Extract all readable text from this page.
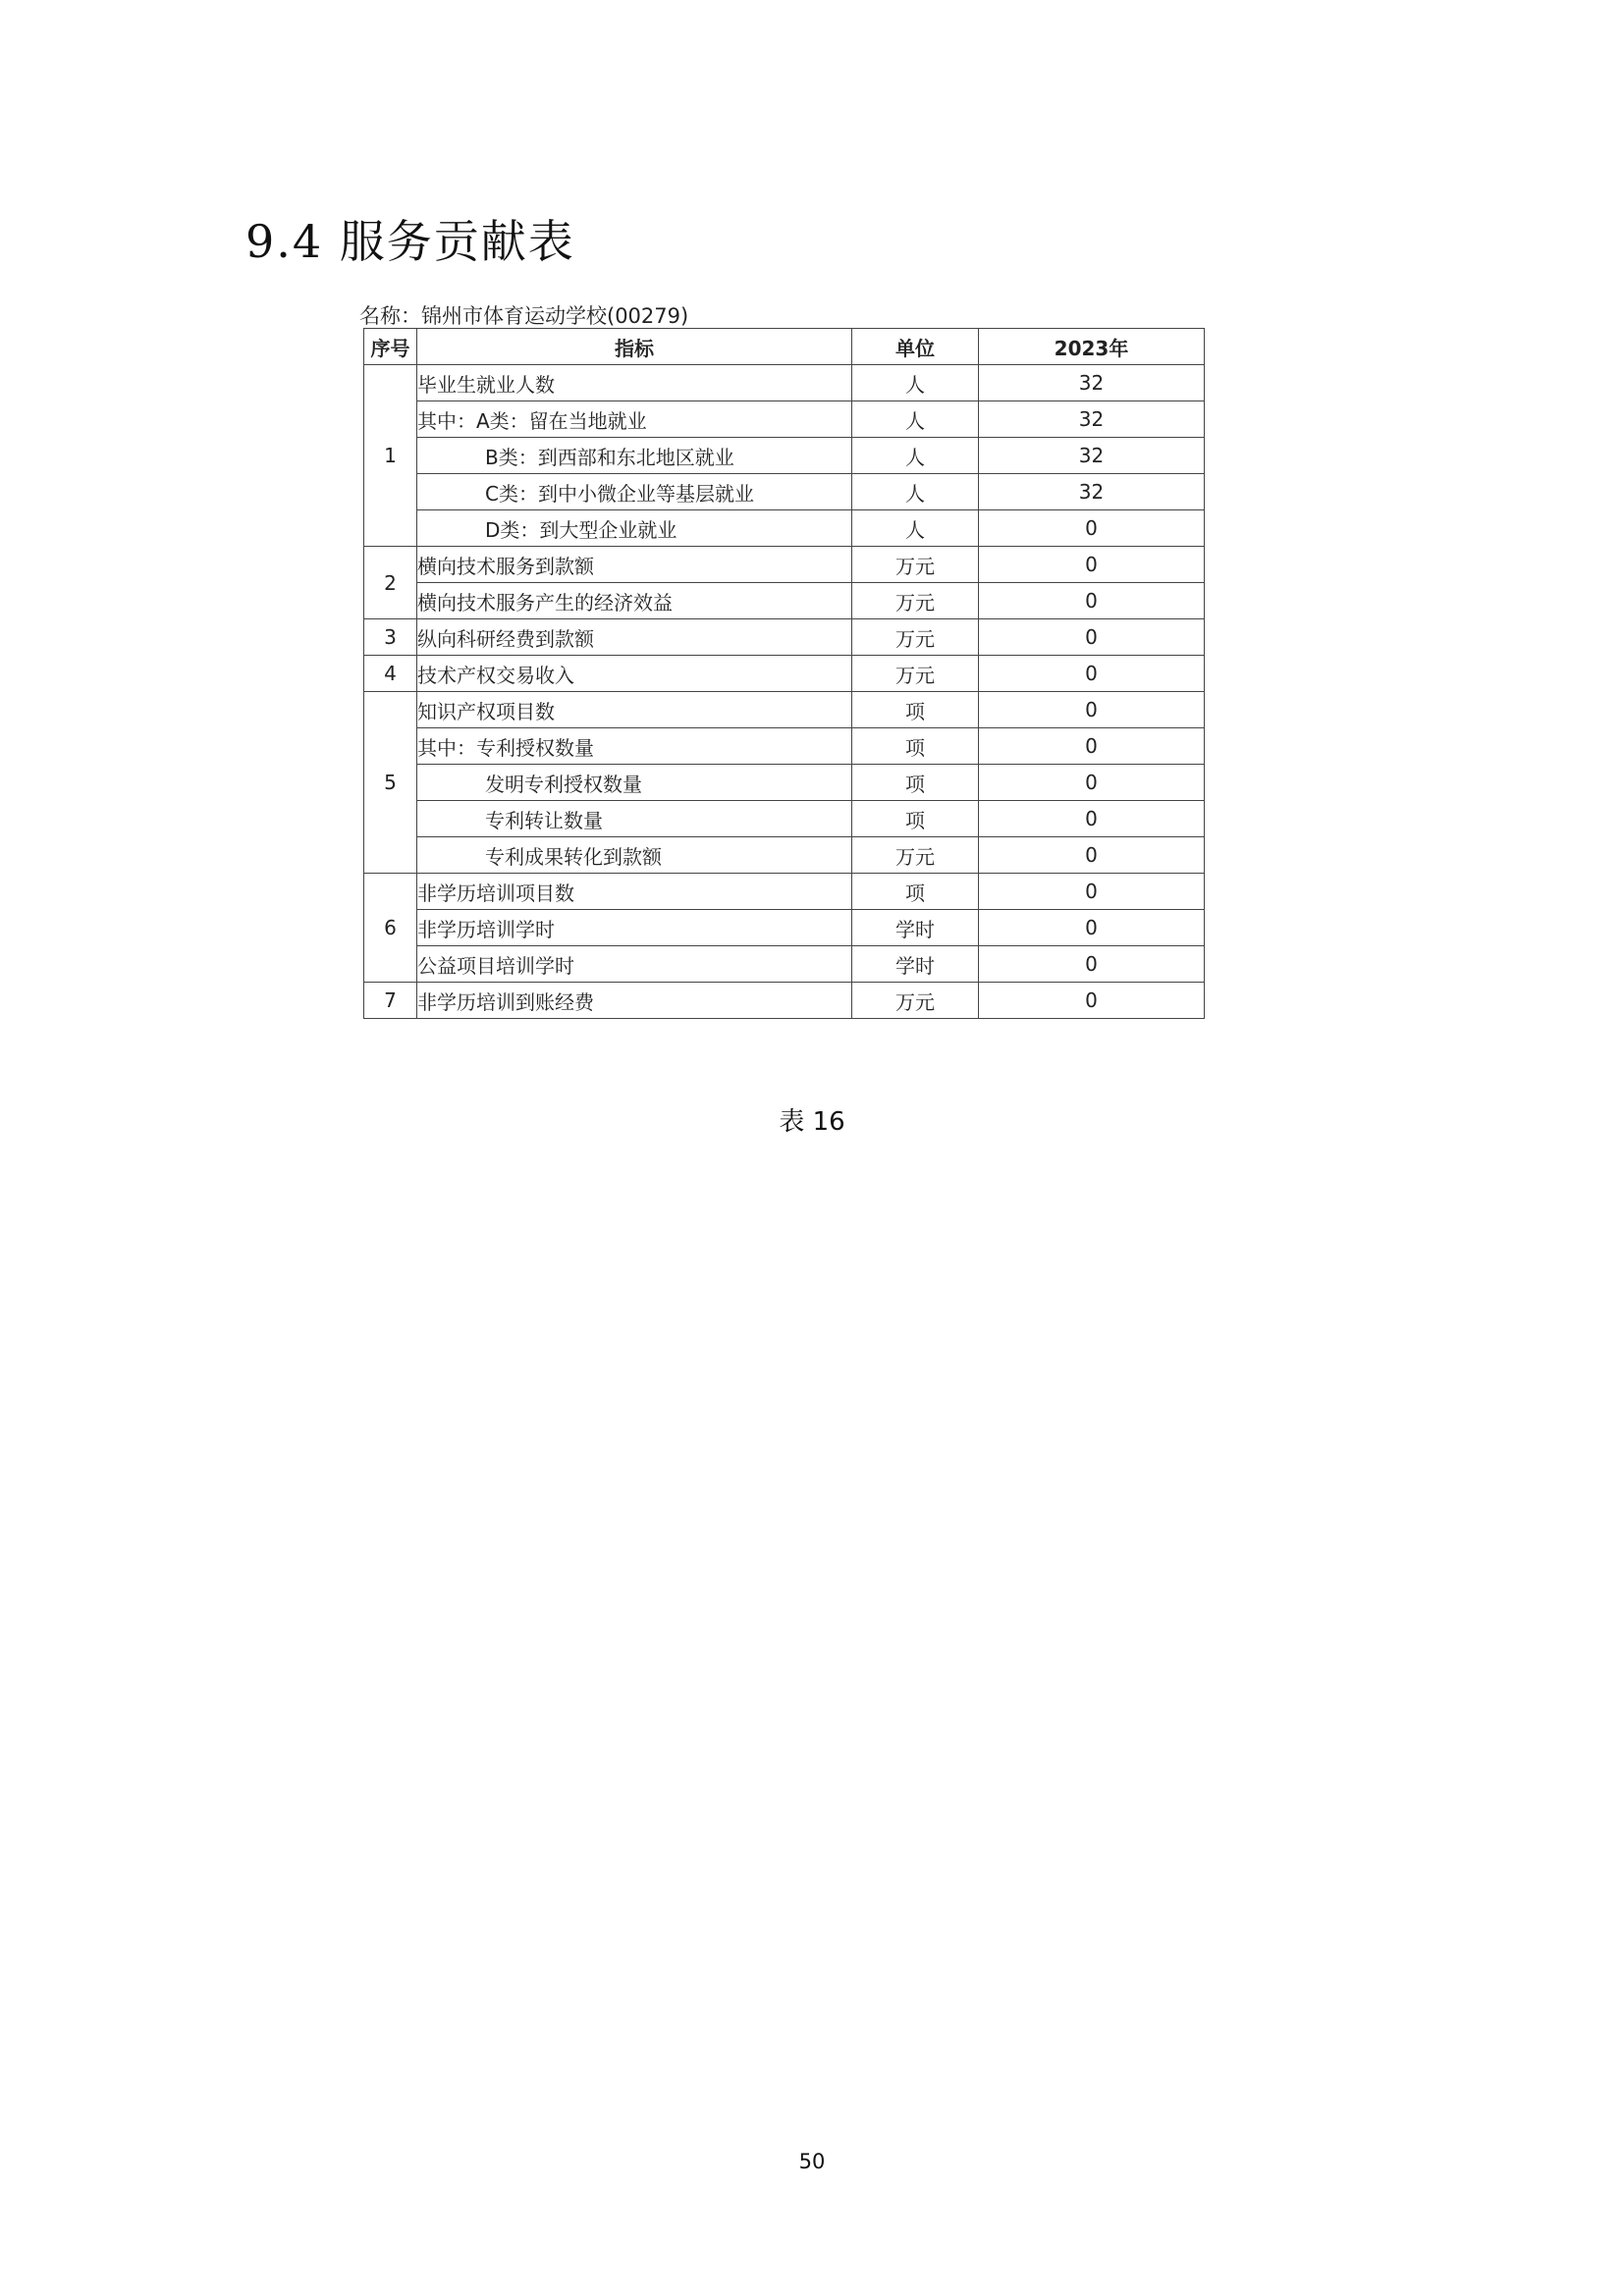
9.4 服务贡献表
名称：锦州市体育运动学校(00279)
序号	指标	单位	2023年
1	毕业生就业人数	人	32
	其中：A类：留在当地就业	人	32
	B类：到西部和东北地区就业	人	32
	C类：到中小微企业等基层就业	人	32
	D类：到大型企业就业	人	0
2	横向技术服务到款额	万元	0
	横向技术服务产生的经济效益	万元	0
3	纵向科研经费到款额	万元	0
4	技术产权交易收入	万元	0
5	知识产权项目数	项	0
	其中：专利授权数量	项	0
	发明专利授权数量	项	0
	专利转让数量	项	0
	专利成果转化到款额	万元	0
6	非学历培训项目数	项	0
	非学历培训学时	学时	0
	公益项目培训学时	学时	0
7	非学历培训到账经费	万元	0
表 16
50
